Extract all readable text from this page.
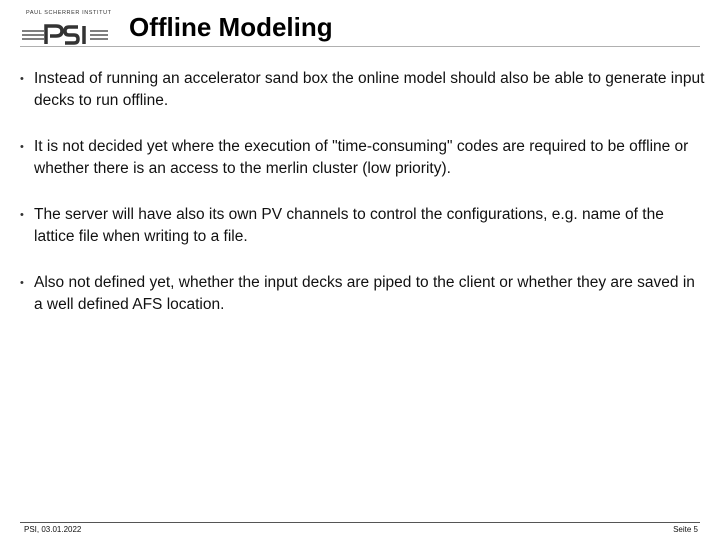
PAUL SCHERRER INSTITUT Offline Modeling
• Instead of running an accelerator sand box the online model should also be able to generate input decks to run offline.
• It is not decided yet where the execution of "time-consuming" codes are required to be offline or whether there is an access to the merlin cluster (low priority).
• The server will have also its own PV channels to control the configurations, e.g. name of the lattice file when writing to a file.
• Also not defined yet, whether the input decks are piped to the client or whether they are saved in a well defined AFS location.
PSI, 03.01.2022	Seite 5
